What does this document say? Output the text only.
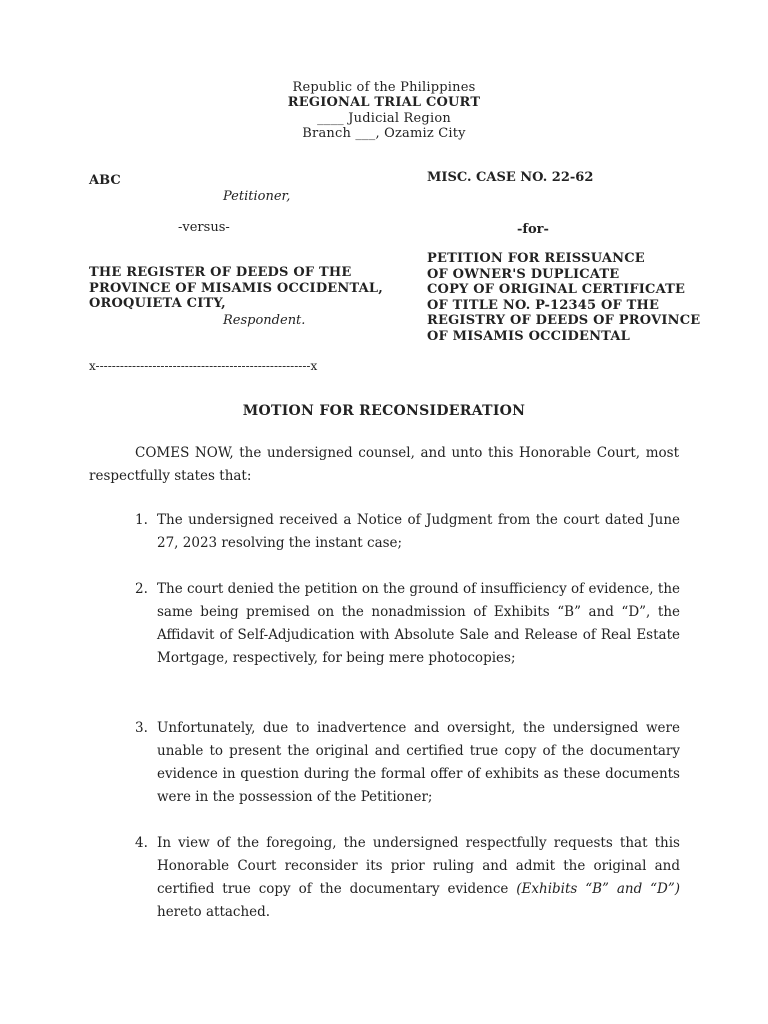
Republic of the Philippines
REGIONAL TRIAL COURT
____ Judicial Region
Branch ___, Ozamiz City
ABC
Petitioner,
-versus-
THE REGISTER OF DEEDS OF THE
PROVINCE OF MISAMIS OCCIDENTAL,
OROQUIETA CITY,
Respondent.
MISC. CASE NO. 22-62
-for-
PETITION FOR REISSUANCE
OF OWNER'S DUPLICATE
COPY OF ORIGINAL CERTIFICATE
OF TITLE NO. P-12345 OF THE
REGISTRY OF DEEDS OF PROVINCE
OF MISAMIS OCCIDENTAL
x-----------------------------------------------------x
MOTION FOR RECONSIDERATION
COMES NOW, the undersigned counsel, and unto this Honorable Court, most respectfully states that:
1. The undersigned received a Notice of Judgment from the court dated June 27, 2023 resolving the instant case;
2. The court denied the petition on the ground of insufficiency of evidence, the same being premised on the nonadmission of Exhibits “B” and “D”, the Affidavit of Self-Adjudication with Absolute Sale and Release of Real Estate Mortgage, respectively, for being mere photocopies;
3. Unfortunately, due to inadvertence and oversight, the undersigned were unable to present the original and certified true copy of the documentary evidence in question during the formal offer of exhibits as these documents were in the possession of the Petitioner;
4. In view of the foregoing, the undersigned respectfully requests that this Honorable Court reconsider its prior ruling and admit the original and certified true copy of the documentary evidence (Exhibits “B” and “D”) hereto attached.
